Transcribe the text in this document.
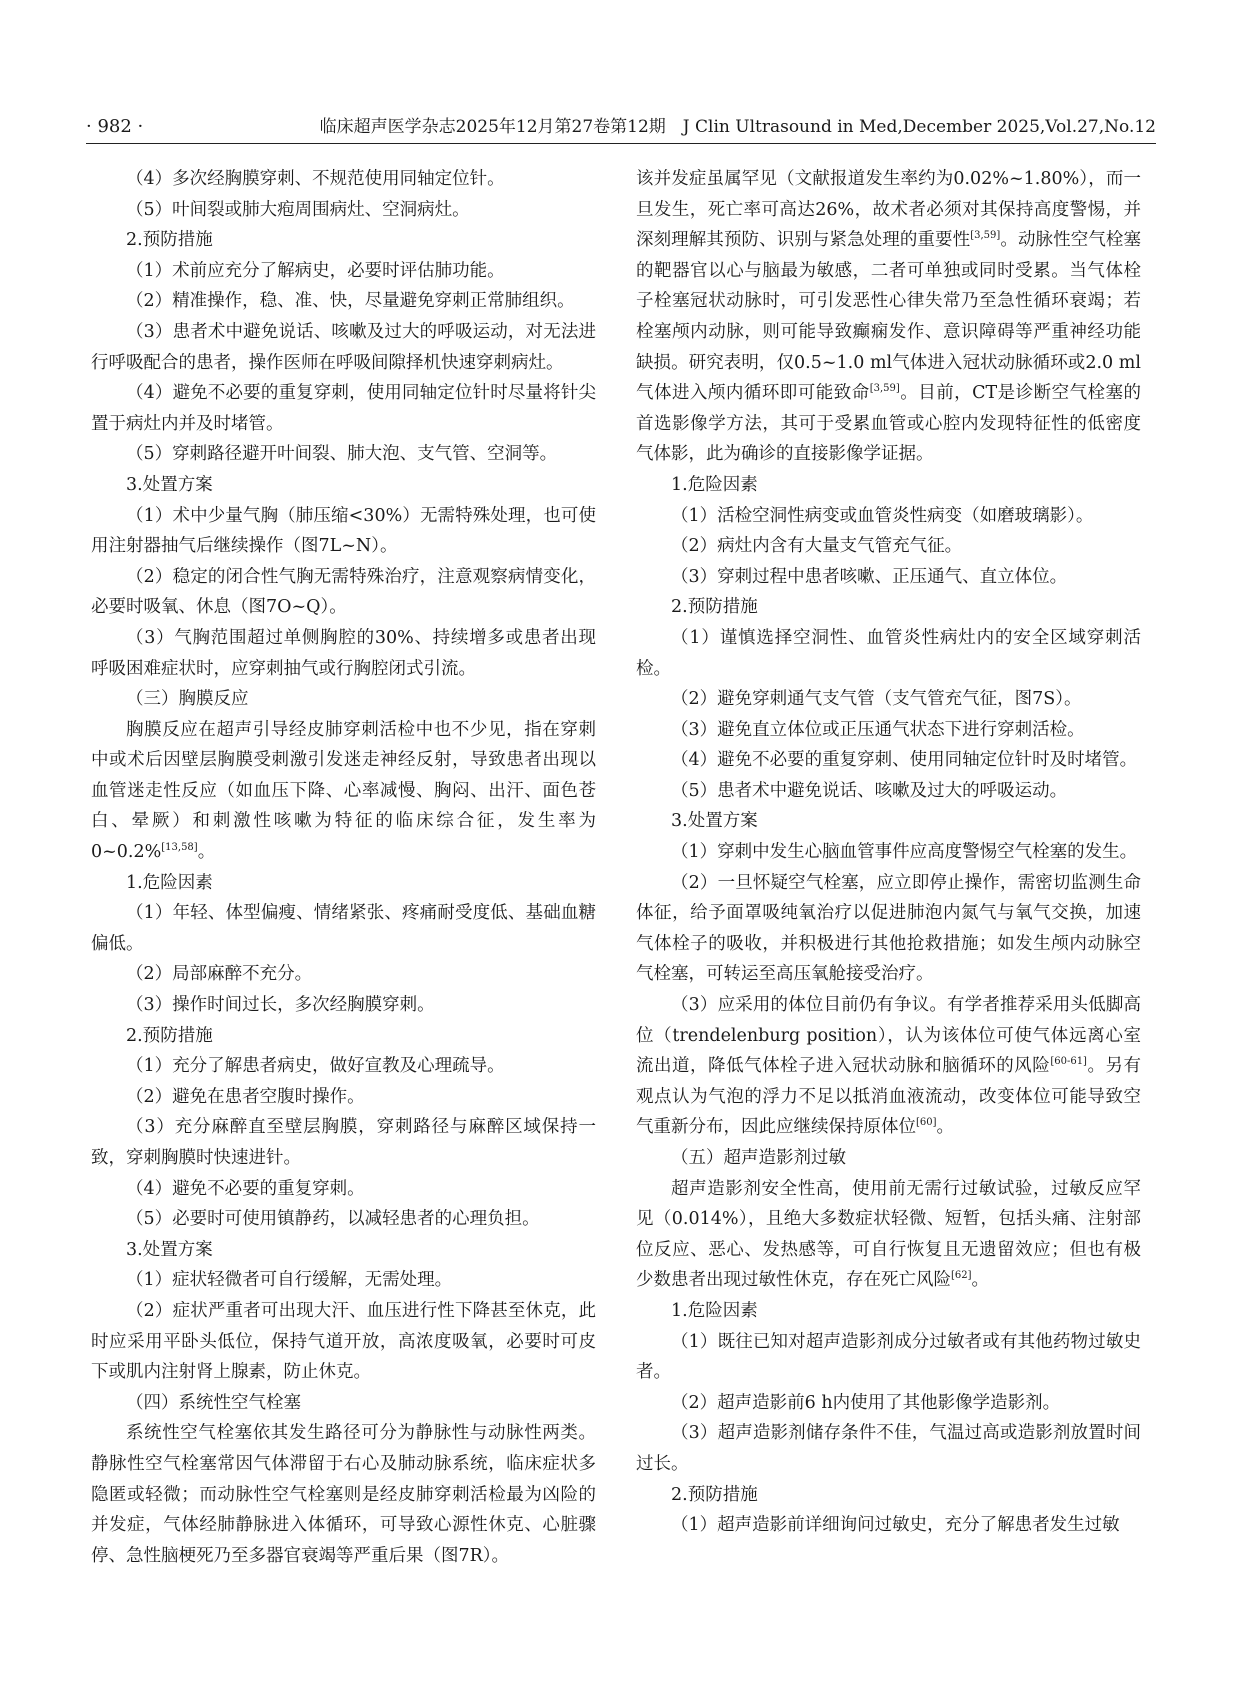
· 982 ·	临床超声医学杂志2025年12月第27卷第12期　J Clin Ultrasound in Med,December 2025,Vol.27,No.12

（4）多次经胸膜穿刺、不规范使用同轴定位针。

（5）叶间裂或肺大疱周围病灶、空洞病灶。

2.预防措施

（1）术前应充分了解病史，必要时评估肺功能。

（2）精准操作，稳、准、快，尽量避免穿刺正常肺组织。

（3）患者术中避免说话、咳嗽及过大的呼吸运动，对无法进行呼吸配合的患者，操作医师在呼吸间隙择机快速穿刺病灶。

（4）避免不必要的重复穿刺，使用同轴定位针时尽量将针尖置于病灶内并及时堵管。

（5）穿刺路径避开叶间裂、肺大泡、支气管、空洞等。

3.处置方案

（1）术中少量气胸（肺压缩<30%）无需特殊处理，也可使用注射器抽气后继续操作（图7L~N）。

（2）稳定的闭合性气胸无需特殊治疗，注意观察病情变化，必要时吸氧、休息（图7O~Q）。

（3）气胸范围超过单侧胸腔的30%、持续增多或患者出现呼吸困难症状时，应穿刺抽气或行胸腔闭式引流。

（三）胸膜反应

胸膜反应在超声引导经皮肺穿刺活检中也不少见，指在穿刺中或术后因壁层胸膜受刺激引发迷走神经反射，导致患者出现以血管迷走性反应（如血压下降、心率减慢、胸闷、出汗、面色苍白、晕厥）和刺激性咳嗽为特征的临床综合征，发生率为0~0.2%[13,58]。

1.危险因素

（1）年轻、体型偏瘦、情绪紧张、疼痛耐受度低、基础血糖偏低。

（2）局部麻醉不充分。

（3）操作时间过长，多次经胸膜穿刺。

2.预防措施

（1）充分了解患者病史，做好宣教及心理疏导。

（2）避免在患者空腹时操作。

（3）充分麻醉直至壁层胸膜，穿刺路径与麻醉区域保持一致，穿刺胸膜时快速进针。

（4）避免不必要的重复穿刺。

（5）必要时可使用镇静药，以减轻患者的心理负担。

3.处置方案

（1）症状轻微者可自行缓解，无需处理。

（2）症状严重者可出现大汗、血压进行性下降甚至休克，此时应采用平卧头低位，保持气道开放，高浓度吸氧，必要时可皮下或肌内注射肾上腺素，防止休克。

（四）系统性空气栓塞

系统性空气栓塞依其发生路径可分为静脉性与动脉性两类。静脉性空气栓塞常因气体滞留于右心及肺动脉系统，临床症状多隐匿或轻微；而动脉性空气栓塞则是经皮肺穿刺活检最为凶险的并发症，气体经肺静脉进入体循环，可导致心源性休克、心脏骤停、急性脑梗死乃至多器官衰竭等严重后果（图7R）。

该并发症虽属罕见（文献报道发生率约为0.02%~1.80%），而一旦发生，死亡率可高达26%，故术者必须对其保持高度警惕，并深刻理解其预防、识别与紧急处理的重要性[3,59]。动脉性空气栓塞的靶器官以心与脑最为敏感，二者可单独或同时受累。当气体栓子栓塞冠状动脉时，可引发恶性心律失常乃至急性循环衰竭；若栓塞颅内动脉，则可能导致癫痫发作、意识障碍等严重神经功能缺损。研究表明，仅0.5~1.0 ml气体进入冠状动脉循环或2.0 ml气体进入颅内循环即可能致命[3,59]。目前，CT是诊断空气栓塞的首选影像学方法，其可于受累血管或心腔内发现特征性的低密度气体影，此为确诊的直接影像学证据。

1.危险因素

（1）活检空洞性病变或血管炎性病变（如磨玻璃影）。

（2）病灶内含有大量支气管充气征。

（3）穿刺过程中患者咳嗽、正压通气、直立体位。

2.预防措施

（1）谨慎选择空洞性、血管炎性病灶内的安全区域穿刺活检。

（2）避免穿刺通气支气管（支气管充气征，图7S）。

（3）避免直立体位或正压通气状态下进行穿刺活检。

（4）避免不必要的重复穿刺、使用同轴定位针时及时堵管。

（5）患者术中避免说话、咳嗽及过大的呼吸运动。

3.处置方案

（1）穿刺中发生心脑血管事件应高度警惕空气栓塞的发生。

（2）一旦怀疑空气栓塞，应立即停止操作，需密切监测生命体征，给予面罩吸纯氧治疗以促进肺泡内氮气与氧气交换，加速气体栓子的吸收，并积极进行其他抢救措施；如发生颅内动脉空气栓塞，可转运至高压氧舱接受治疗。

（3）应采用的体位目前仍有争议。有学者推荐采用头低脚高位（trendelenburg position），认为该体位可使气体远离心室流出道，降低气体栓子进入冠状动脉和脑循环的风险[60-61]。另有观点认为气泡的浮力不足以抵消血液流动，改变体位可能导致空气重新分布，因此应继续保持原体位[60]。

（五）超声造影剂过敏

超声造影剂安全性高，使用前无需行过敏试验，过敏反应罕见（0.014%），且绝大多数症状轻微、短暂，包括头痛、注射部位反应、恶心、发热感等，可自行恢复且无遗留效应；但也有极少数患者出现过敏性休克，存在死亡风险[62]。

1.危险因素

（1）既往已知对超声造影剂成分过敏者或有其他药物过敏史者。

（2）超声造影前6 h内使用了其他影像学造影剂。

（3）超声造影剂储存条件不佳，气温过高或造影剂放置时间过长。

2.预防措施

（1）超声造影前详细询问过敏史，充分了解患者发生过敏
